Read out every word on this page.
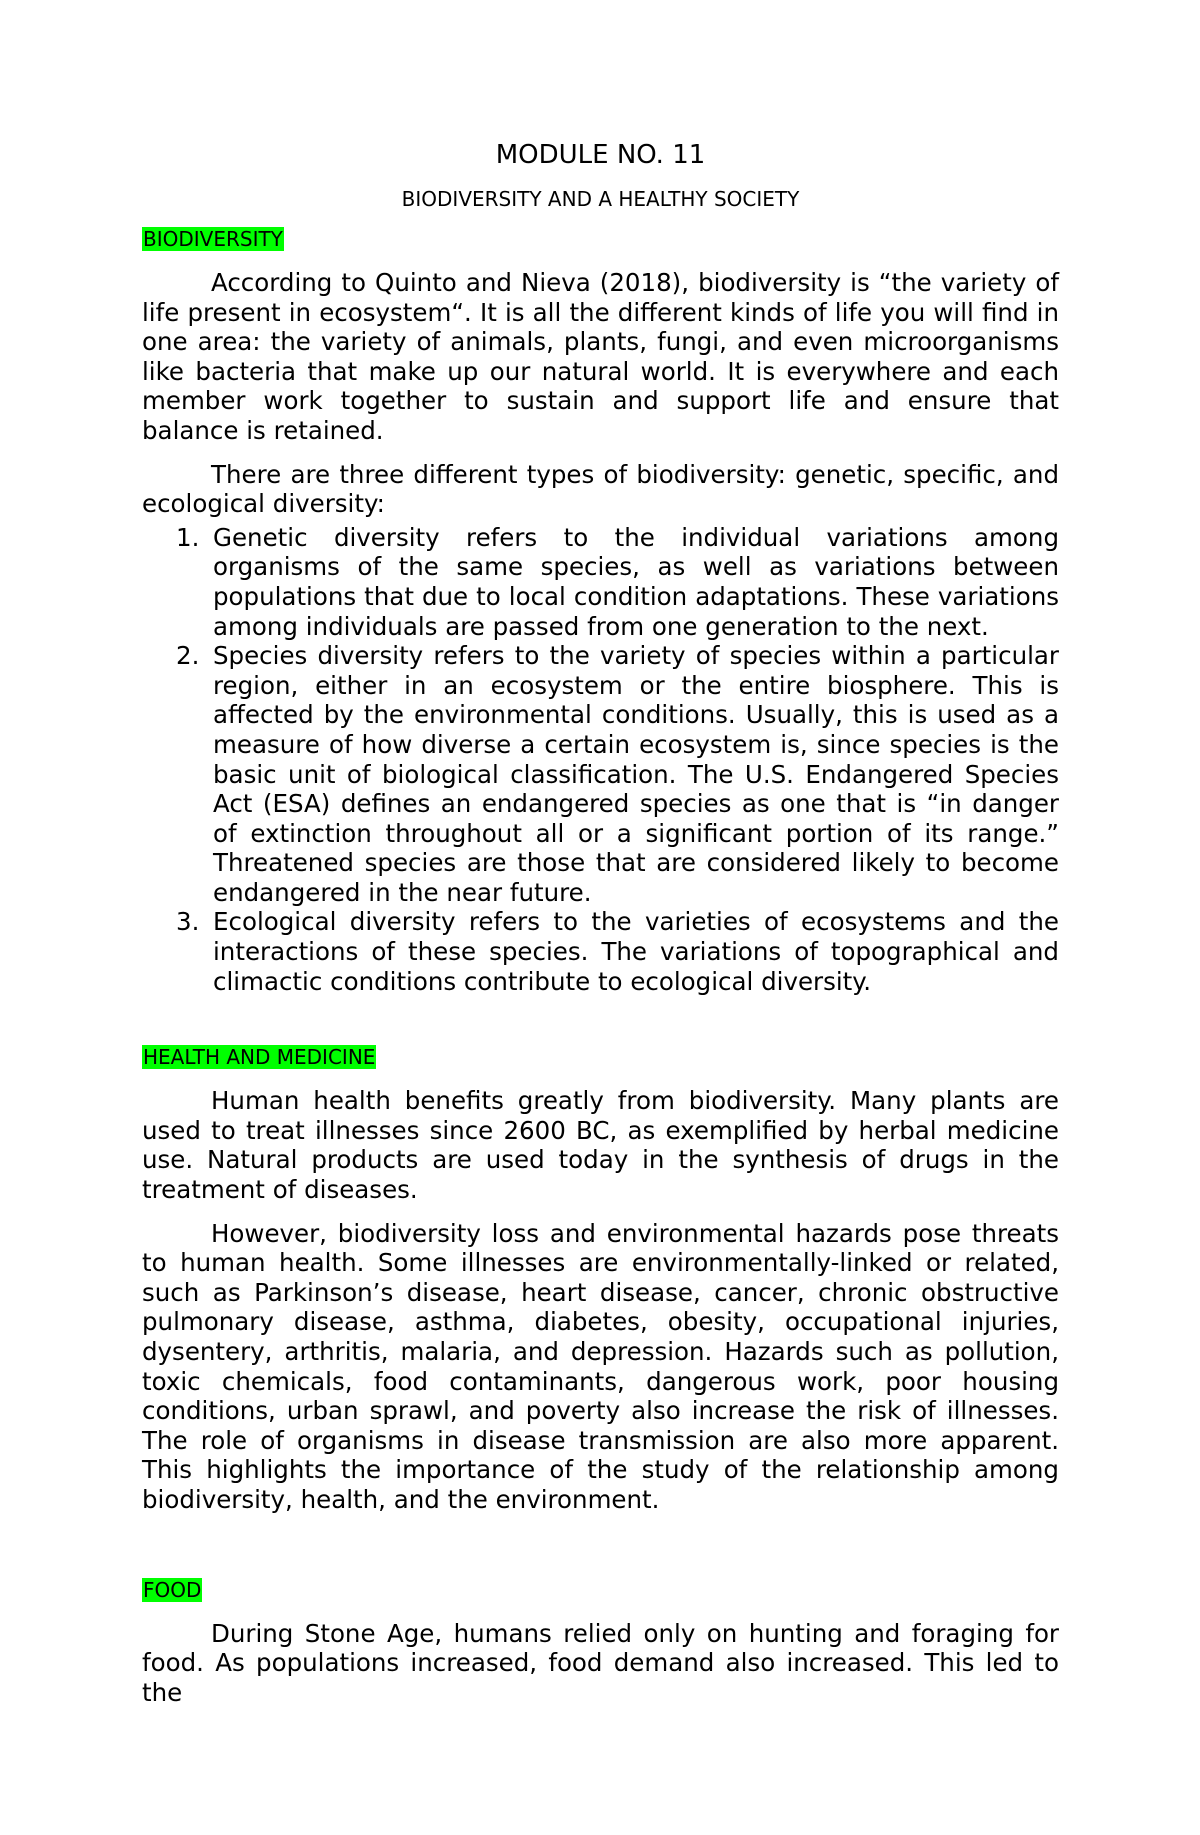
MODULE NO. 11
BIODIVERSITY AND A HEALTHY SOCIETY
BIODIVERSITY

According to Quinto and Nieva (2018), biodiversity is “the variety of life present in ecosystem“. It is all the different kinds of life you will find in one area: the variety of animals, plants, fungi, and even microorganisms like bacteria that make up our natural world. It is everywhere and each member work together to sustain and support life and ensure that balance is retained.

There are three different types of biodiversity: genetic, specific, and ecological diversity:

1. Genetic diversity refers to the individual variations among organisms of the same species, as well as variations between populations that due to local condition adaptations. These variations among individuals are passed from one generation to the next.
2. Species diversity refers to the variety of species within a particular region, either in an ecosystem or the entire biosphere. This is affected by the environmental conditions. Usually, this is used as a measure of how diverse a certain ecosystem is, since species is the basic unit of biological classification. The U.S. Endangered Species Act (ESA) defines an endangered species as one that is “in danger of extinction throughout all or a significant portion of its range.” Threatened species are those that are considered likely to become endangered in the near future.
3. Ecological diversity refers to the varieties of ecosystems and the interactions of these species. The variations of topographical and climactic conditions contribute to ecological diversity.
HEALTH AND MEDICINE

Human health benefits greatly from biodiversity. Many plants are used to treat illnesses since 2600 BC, as exemplified by herbal medicine use. Natural products are used today in the synthesis of drugs in the treatment of diseases.

However, biodiversity loss and environmental hazards pose threats to human health. Some illnesses are environmentally-linked or related, such as Parkinson’s disease, heart disease, cancer, chronic obstructive pulmonary disease, asthma, diabetes, obesity, occupational injuries, dysentery, arthritis, malaria, and depression. Hazards such as pollution, toxic chemicals, food contaminants, dangerous work, poor housing conditions, urban sprawl, and poverty also increase the risk of illnesses. The role of organisms in disease transmission are also more apparent. This highlights the importance of the study of the relationship among biodiversity, health, and the environment.

FOOD

During Stone Age, humans relied only on hunting and foraging for food. As populations increased, food demand also increased. This led to the
